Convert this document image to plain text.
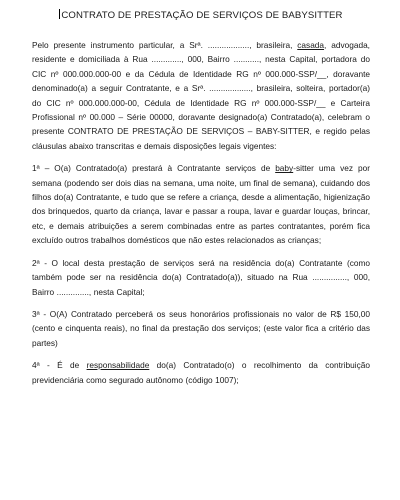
CONTRATO DE PRESTAÇÃO DE SERVIÇOS DE BABYSITTER

Pelo presente instrumento particular, a Srª. .................., brasileira, casada, advogada, residente e domiciliada à Rua ............., 000, Bairro ..........., nesta Capital, portadora do CIC nº 000.000.000-00 e da Cédula de Identidade RG nº 000.000-SSP/__, doravante denominado(a) a seguir Contratante, e a Srª. .................., brasileira, solteira, portador(a) do CIC nº 000.000.000-00, Cédula de Identidade RG nº 000.000-SSP/__ e Carteira Profissional nº 00.000 – Série 00000, doravante designado(a) Contratado(a), celebram o presente CONTRATO DE PRESTAÇÃO DE SERVIÇOS – BABY-SITTER, e regido pelas cláusulas abaixo transcritas e demais disposições legais vigentes:

1ª – O(a) Contratado(a) prestará à Contratante serviços de baby-sitter uma vez por semana (podendo ser dois dias na semana, uma noite, um final de semana), cuidando dos filhos do(a) Contratante, e tudo que se refere a criança, desde a alimentação, higienização dos brinquedos, quarto da criança, lavar e passar a roupa, lavar e guardar louças, brincar, etc, e demais atribuições a serem combinadas entre as partes contratantes, porém fica excluído outros trabalhos domésticos que não estes relacionados as crianças;

2ª - O local desta prestação de serviços será na residência do(a) Contratante (como também pode ser na residência do(a) Contratado(a)), situado na Rua ..............., 000, Bairro .............., nesta Capital;

3ª - O(A) Contratado perceberá os seus honorários profissionais no valor de R$ 150,00 (cento e cinquenta reais), no final da prestação dos serviços; (este valor fica a critério das partes)

4ª - É de responsabilidade do(a) Contratado(o) o recolhimento da contribuição previdenciária como segurado autônomo (código 1007);
